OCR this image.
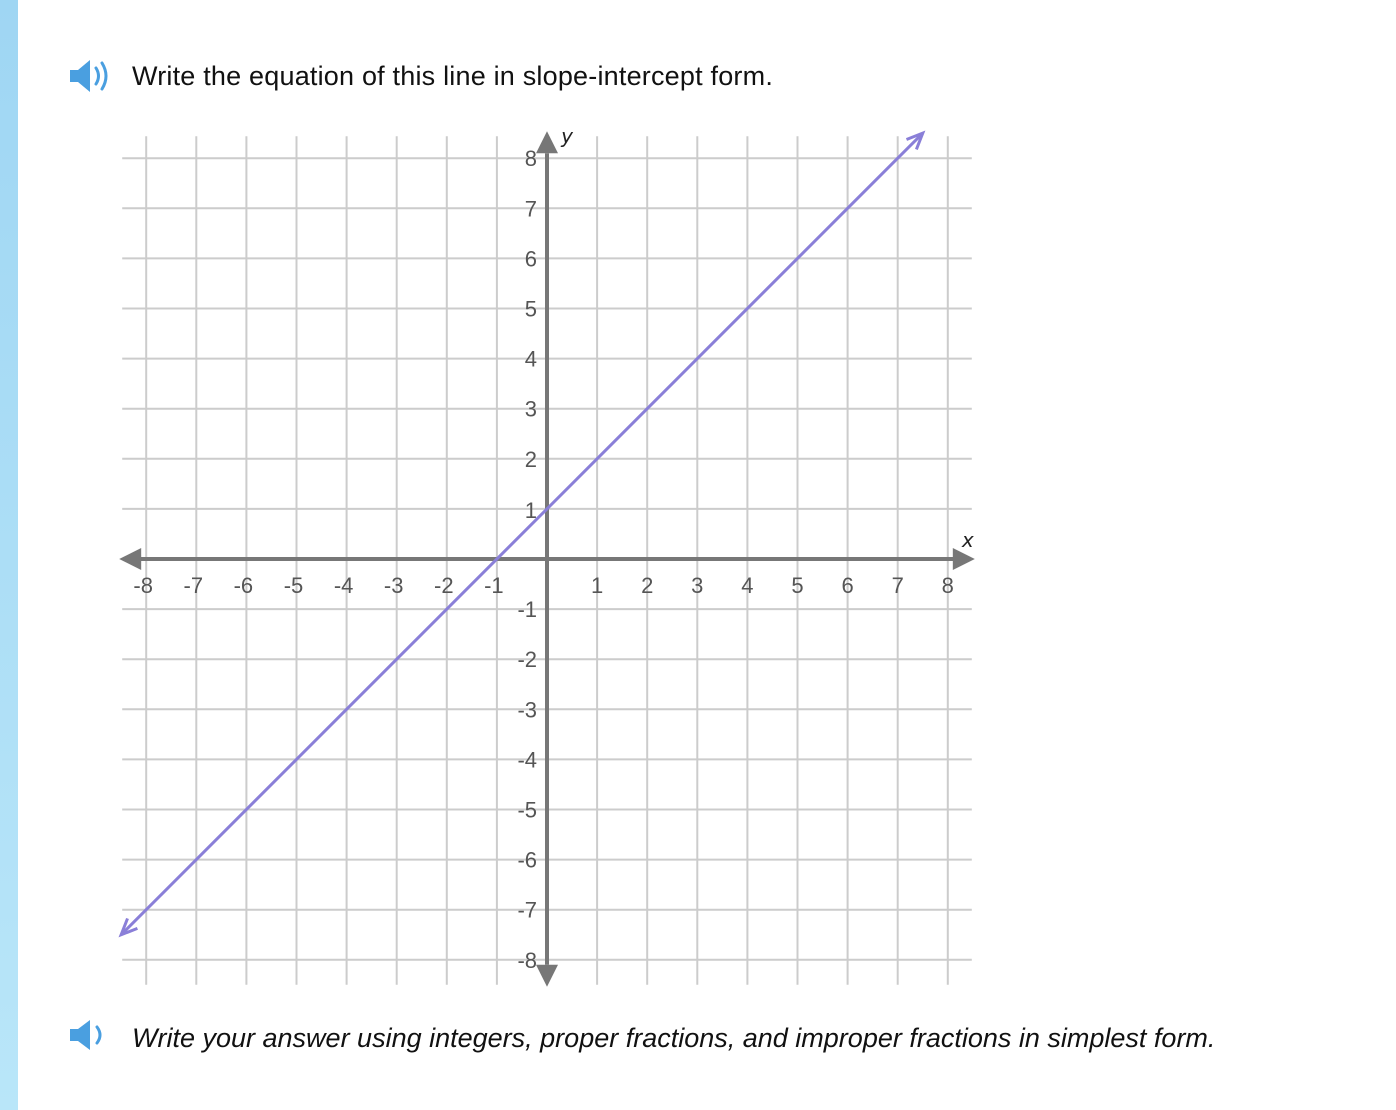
Write the equation of this line in slope-intercept form.
x
y
-8 -7 -6 -5 -4 -3 -2 -1	1 2 3 4 5 6 7 8
8
7
6
5
4
3
2
1
-1
-2
-3
-4
-5
-6
-7
-8
Write your answer using integers, proper fractions, and improper fractions in simplest form.
